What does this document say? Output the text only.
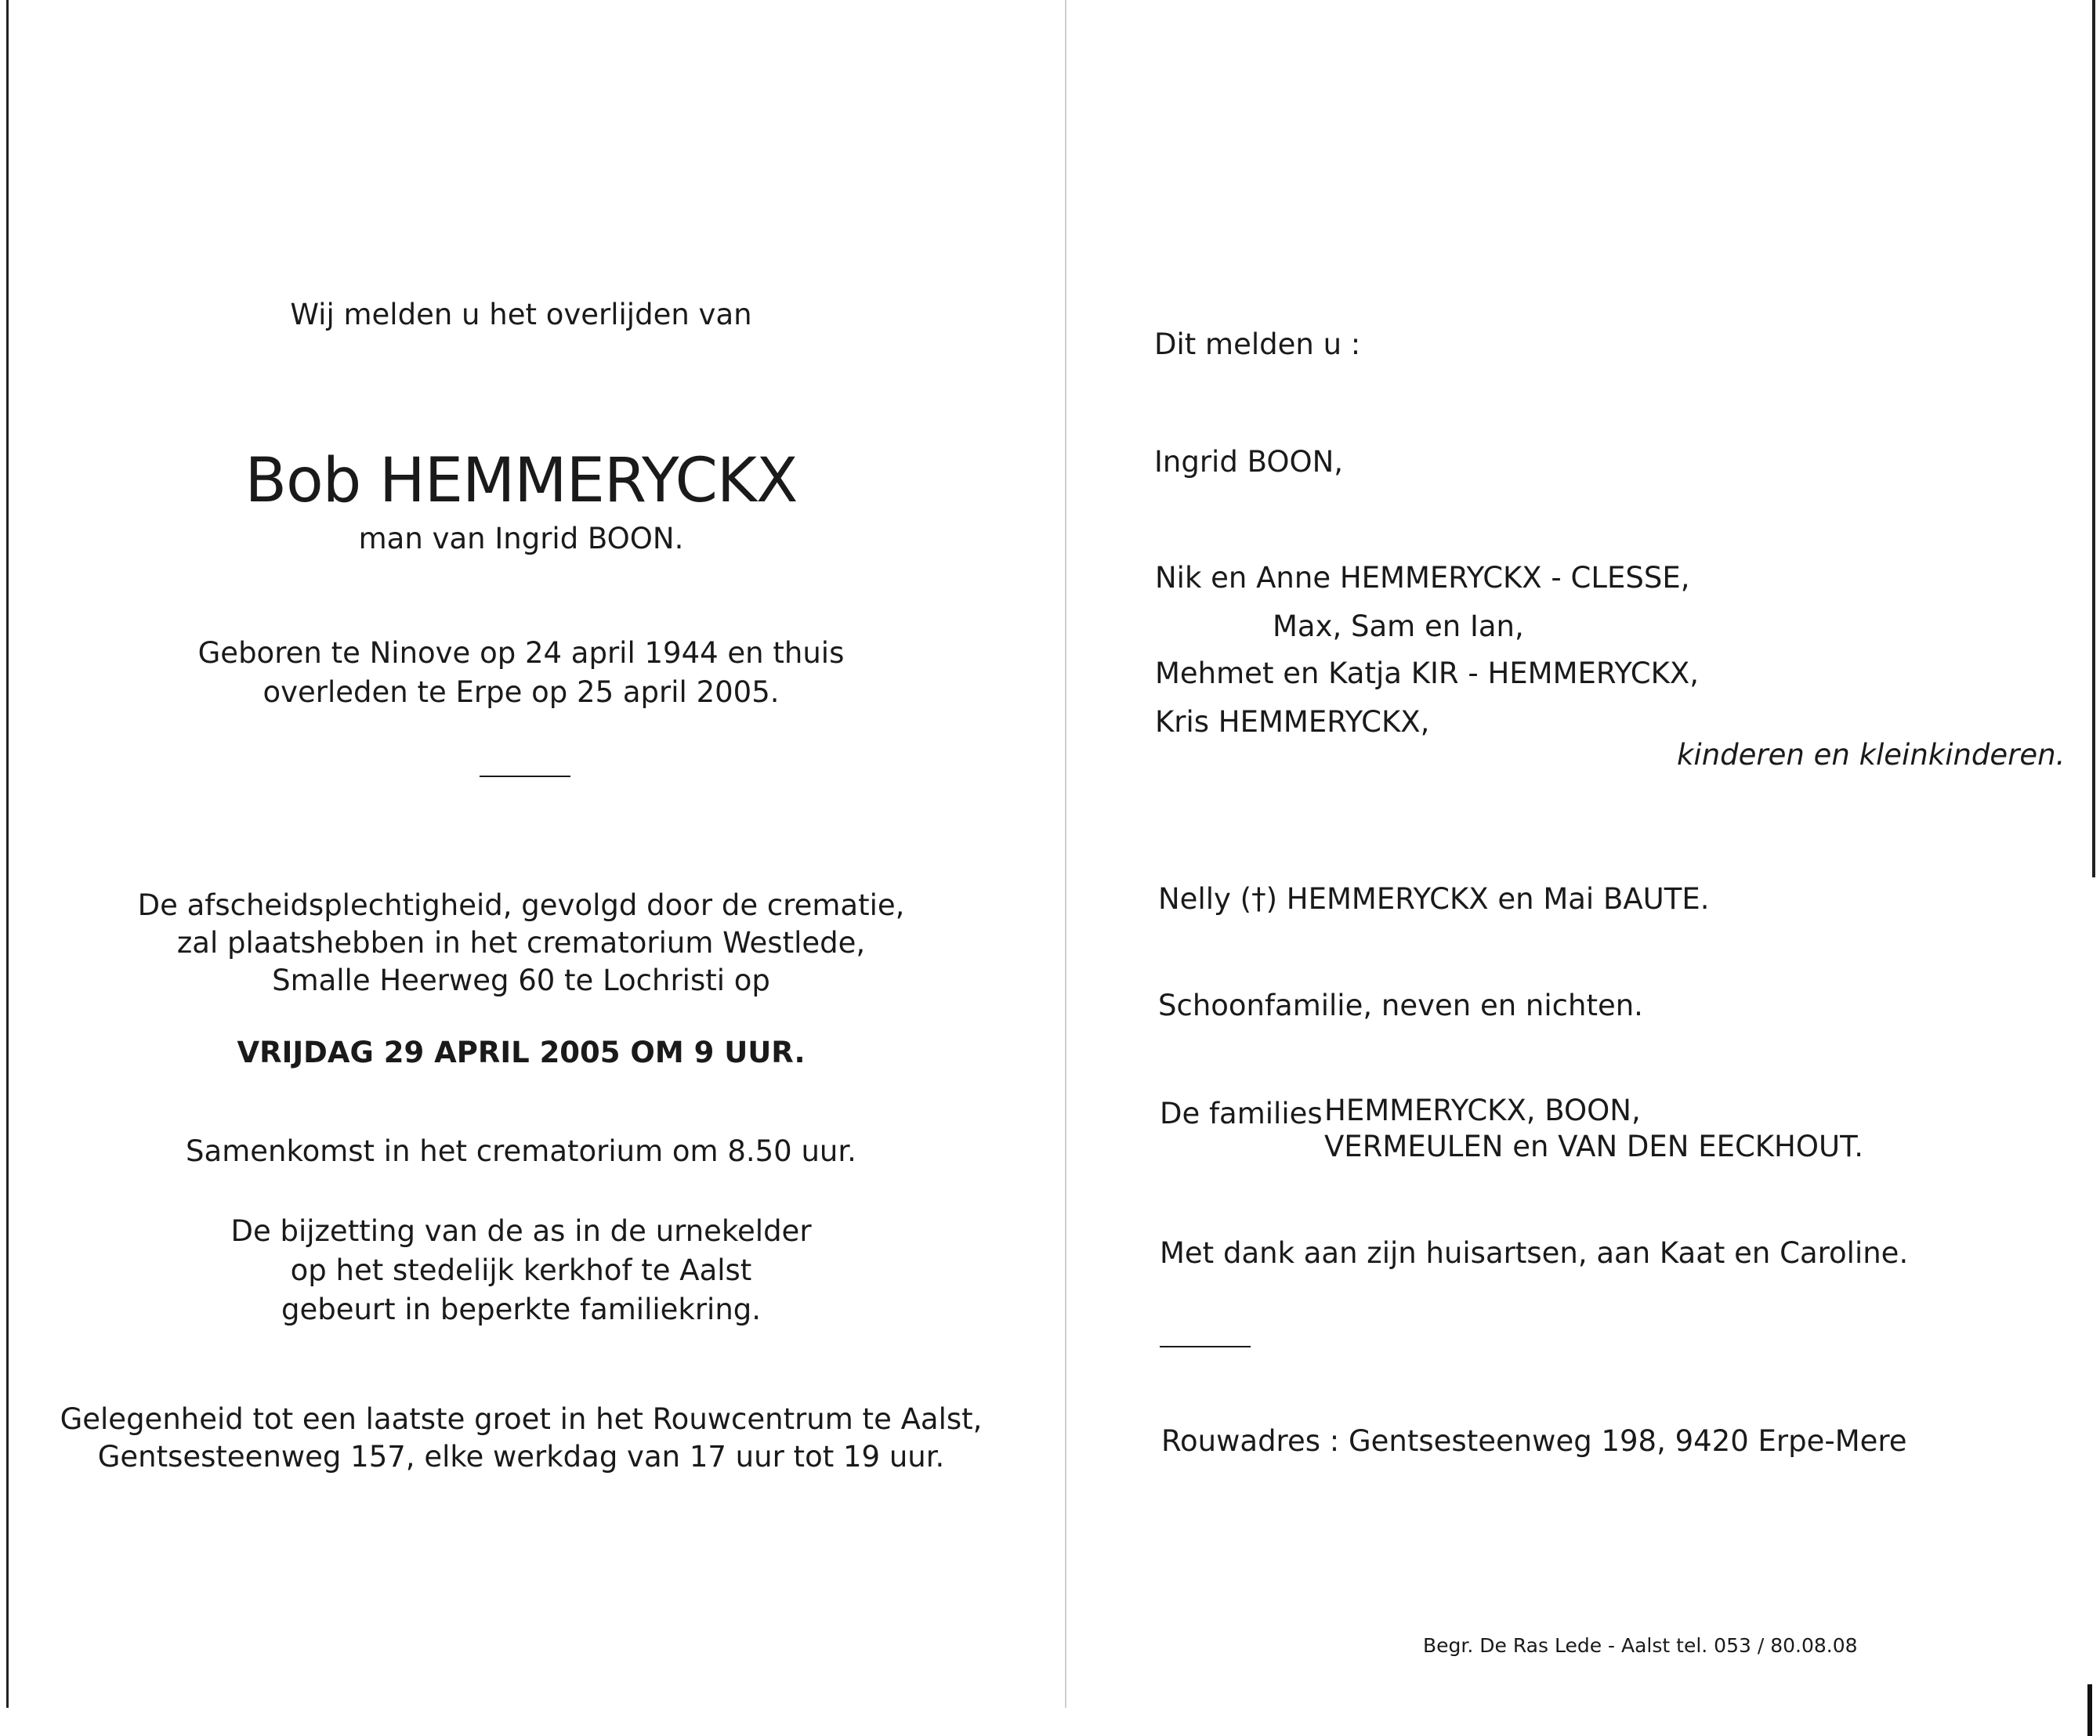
Wij melden u het overlijden van
Bob HEMMERYCKX
man van Ingrid BOON.
Geboren te Ninove op 24 april 1944 en thuis
overleden te Erpe op 25 april 2005.
De afscheidsplechtigheid, gevolgd door de crematie,
zal plaatshebben in het crematorium Westlede,
Smalle Heerweg 60 te Lochristi op
VRIJDAG 29 APRIL 2005 OM 9 UUR.
Samenkomst in het crematorium om 8.50 uur.
De bijzetting van de as in de urnekelder
op het stedelijk kerkhof te Aalst
gebeurt in beperkte familiekring.
Gelegenheid tot een laatste groet in het Rouwcentrum te Aalst,
Gentsesteenweg 157, elke werkdag van 17 uur tot 19 uur.
Dit melden u :
Ingrid BOON,
Nik en Anne HEMMERYCKX - CLESSE,
Max, Sam en Ian,
Mehmet en Katja KIR - HEMMERYCKX,
Kris HEMMERYCKX,
kinderen en kleinkinderen.
Nelly (†) HEMMERYCKX en Mai BAUTE.
Schoonfamilie, neven en nichten.
De families HEMMERYCKX, BOON,
VERMEULEN en VAN DEN EECKHOUT.
Met dank aan zijn huisartsen, aan Kaat en Caroline.
Rouwadres : Gentsesteenweg 198, 9420 Erpe-Mere
Begr. De Ras Lede - Aalst tel. 053 / 80.08.08
